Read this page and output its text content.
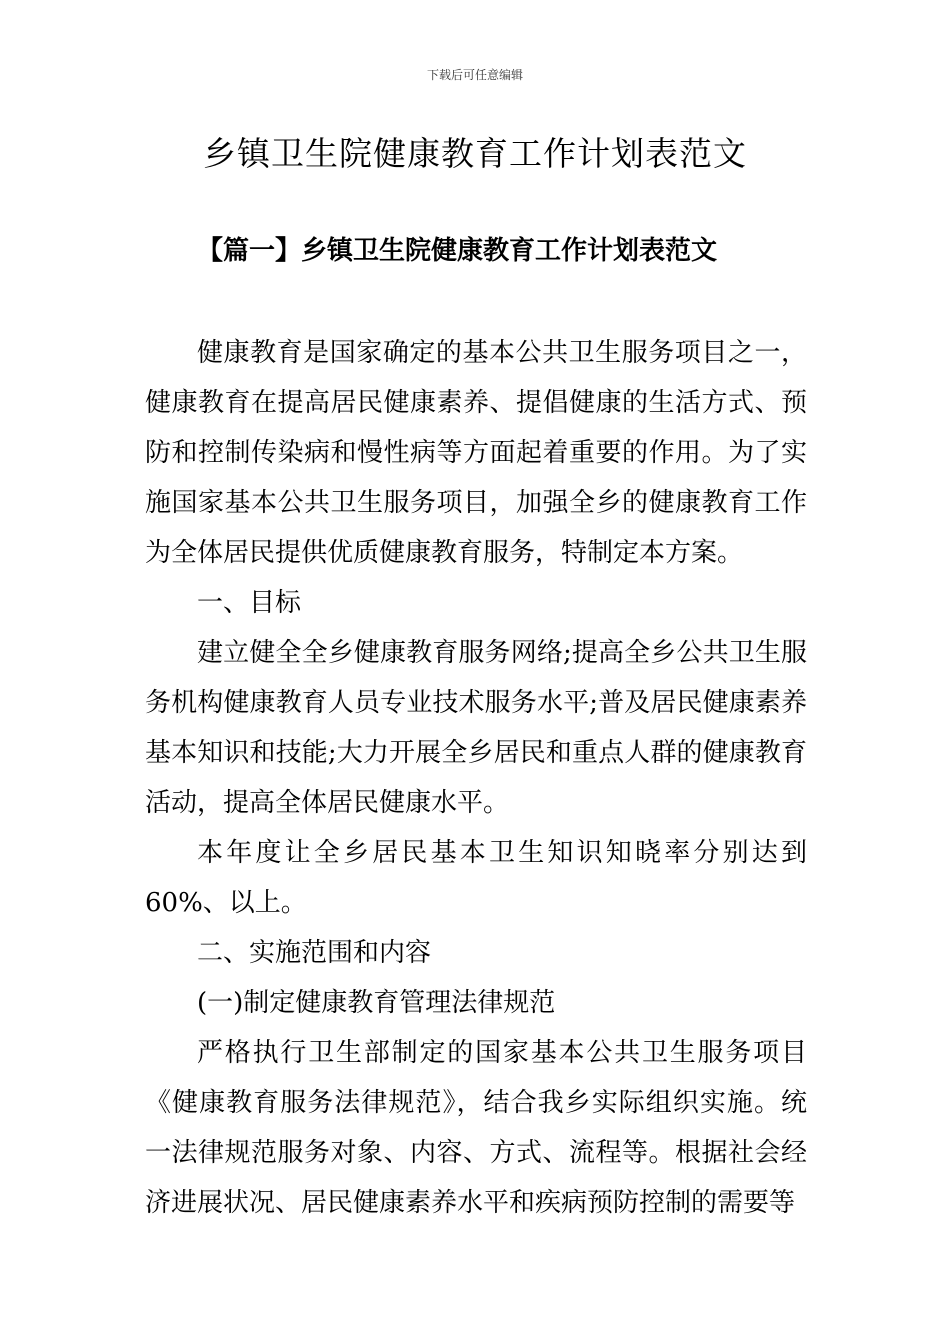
下载后可任意编辑
乡镇卫生院健康教育工作计划表范文
【篇一】乡镇卫生院健康教育工作计划表范文

健康教育是国家确定的基本公共卫生服务项目之一，健康教育在提高居民健康素养、提倡健康的生活方式、预防和控制传染病和慢性病等方面起着重要的作用。为了实施国家基本公共卫生服务项目，加强全乡的健康教育工作为全体居民提供优质健康教育服务，特制定本方案。

一、目标

建立健全全乡健康教育服务网络;提高全乡公共卫生服务机构健康教育人员专业技术服务水平;普及居民健康素养基本知识和技能;大力开展全乡居民和重点人群的健康教育活动，提高全体居民健康水平。

本年度让全乡居民基本卫生知识知晓率分别达到 60%、以上。

二、实施范围和内容

(一)制定健康教育管理法律规范

严格执行卫生部制定的国家基本公共卫生服务项目《健康教育服务法律规范》，结合我乡实际组织实施。统一法律规范服务对象、内容、方式、流程等。根据社会经济进展状况、居民健康素养水平和疾病预防控制的需要等
